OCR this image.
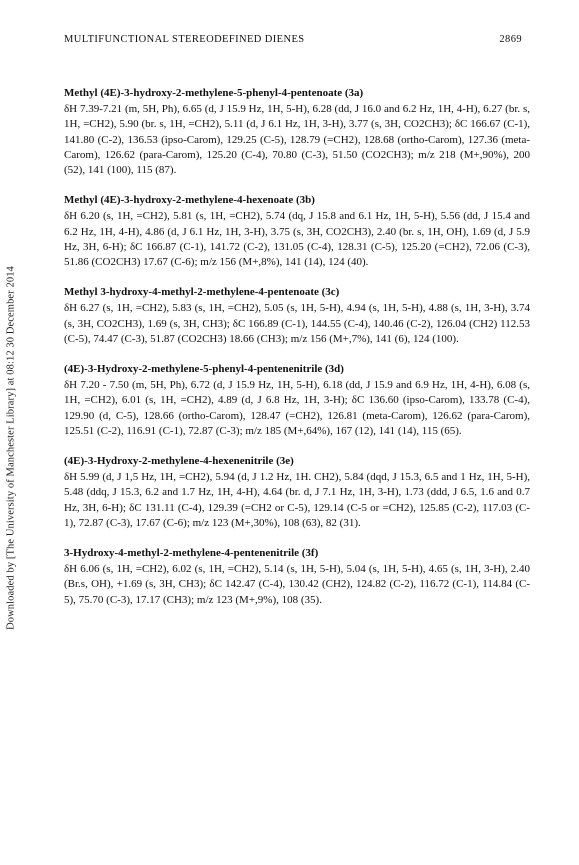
Downloaded by [The University of Manchester Library] at 08:12 30 December 2014
MULTIFUNCTIONAL STEREODEFINED DIENES	2869
Methyl (4E)-3-hydroxy-2-methylene-5-phenyl-4-pentenoate (3a)
δH 7.39-7.21 (m, 5H, Ph), 6.65 (d, J 15.9 Hz, 1H, 5-H), 6.28 (dd, J 16.0 and 6.2 Hz, 1H, 4-H), 6.27 (br. s, 1H, =CH2), 5.90 (br. s, 1H, =CH2), 5.11 (d, J 6.1 Hz, 1H, 3-H), 3.77 (s, 3H, CO2CH3); δC 166.67 (C-1), 141.80 (C-2), 136.53 (ipso-Carom), 129.25 (C-5), 128.79 (=CH2), 128.68 (ortho-Carom), 127.36 (meta-Carom), 126.62 (para-Carom), 125.20 (C-4), 70.80 (C-3), 51.50 (CO2CH3); m/z 218 (M+,90%), 200 (52), 141 (100), 115 (87).
Methyl (4E)-3-hydroxy-2-methylene-4-hexenoate (3b)
δH 6.20 (s, 1H, =CH2), 5.81 (s, 1H, =CH2), 5.74 (dq, J 15.8 and 6.1 Hz, 1H, 5-H), 5.56 (dd, J 15.4 and 6.2 Hz, 1H, 4-H), 4.86 (d, J 6.1 Hz, 1H, 3-H), 3.75 (s, 3H, CO2CH3), 2.40 (br. s, 1H, OH), 1.69 (d, J 5.9 Hz, 3H, 6-H); δC 166.87 (C-1), 141.72 (C-2), 131.05 (C-4), 128.31 (C-5), 125.20 (=CH2), 72.06 (C-3), 51.86 (CO2CH3) 17.67 (C-6); m/z 156 (M+,8%), 141 (14), 124 (40).
Methyl 3-hydroxy-4-methyl-2-methylene-4-pentenoate (3c)
δH 6.27 (s, 1H, =CH2), 5.83 (s, 1H, =CH2), 5.05 (s, 1H, 5-H), 4.94 (s, 1H, 5-H), 4.88 (s, 1H, 3-H), 3.74 (s, 3H, CO2CH3), 1.69 (s, 3H, CH3); δC 166.89 (C-1), 144.55 (C-4), 140.46 (C-2), 126.04 (CH2) 112.53 (C-5), 74.47 (C-3), 51.87 (CO2CH3) 18.66 (CH3); m/z 156 (M+,7%), 141 (6), 124 (100).
(4E)-3-Hydroxy-2-methylene-5-phenyl-4-pentenenitrile (3d)
δH 7.20 - 7.50 (m, 5H, Ph), 6.72 (d, J 15.9 Hz, 1H, 5-H), 6.18 (dd, J 15.9 and 6.9 Hz, 1H, 4-H), 6.08 (s, 1H, =CH2), 6.01 (s, 1H, =CH2), 4.89 (d, J 6.8 Hz, 1H, 3-H); δC 136.60 (ipso-Carom), 133.78 (C-4), 129.90 (d, C-5), 128.66 (ortho-Carom), 128.47 (=CH2), 126.81 (meta-Carom), 126.62 (para-Carom), 125.51 (C-2), 116.91 (C-1), 72.87 (C-3); m/z 185 (M+,64%), 167 (12), 141 (14), 115 (65).
(4E)-3-Hydroxy-2-methylene-4-hexenenitrile (3e)
δH 5.99 (d, J 1,5 Hz, 1H, =CH2), 5.94 (d, J 1.2 Hz, 1H. CH2), 5.84 (dqd, J 15.3, 6.5 and 1 Hz, 1H, 5-H), 5.48 (ddq, J 15.3, 6.2 and 1.7 Hz, 1H, 4-H), 4.64 (br. d, J 7.1 Hz, 1H, 3-H), 1.73 (ddd, J 6.5, 1.6 and 0.7 Hz, 3H, 6-H); δC 131.11 (C-4), 129.39 (=CH2 or C-5), 129.14 (C-5 or =CH2), 125.85 (C-2), 117.03 (C-1), 72.87 (C-3), 17.67 (C-6); m/z 123 (M+,30%), 108 (63), 82 (31).
3-Hydroxy-4-methyl-2-methylene-4-pentenenitrile (3f)
δH 6.06 (s, 1H, =CH2), 6.02 (s, 1H, =CH2), 5.14 (s, 1H, 5-H), 5.04 (s, 1H, 5-H), 4.65 (s, 1H, 3-H), 2.40 (Br.s, OH), +1.69 (s, 3H, CH3); δC 142.47 (C-4), 130.42 (CH2), 124.82 (C-2), 116.72 (C-1), 114.84 (C-5), 75.70 (C-3), 17.17 (CH3); m/z 123 (M+,9%), 108 (35).
